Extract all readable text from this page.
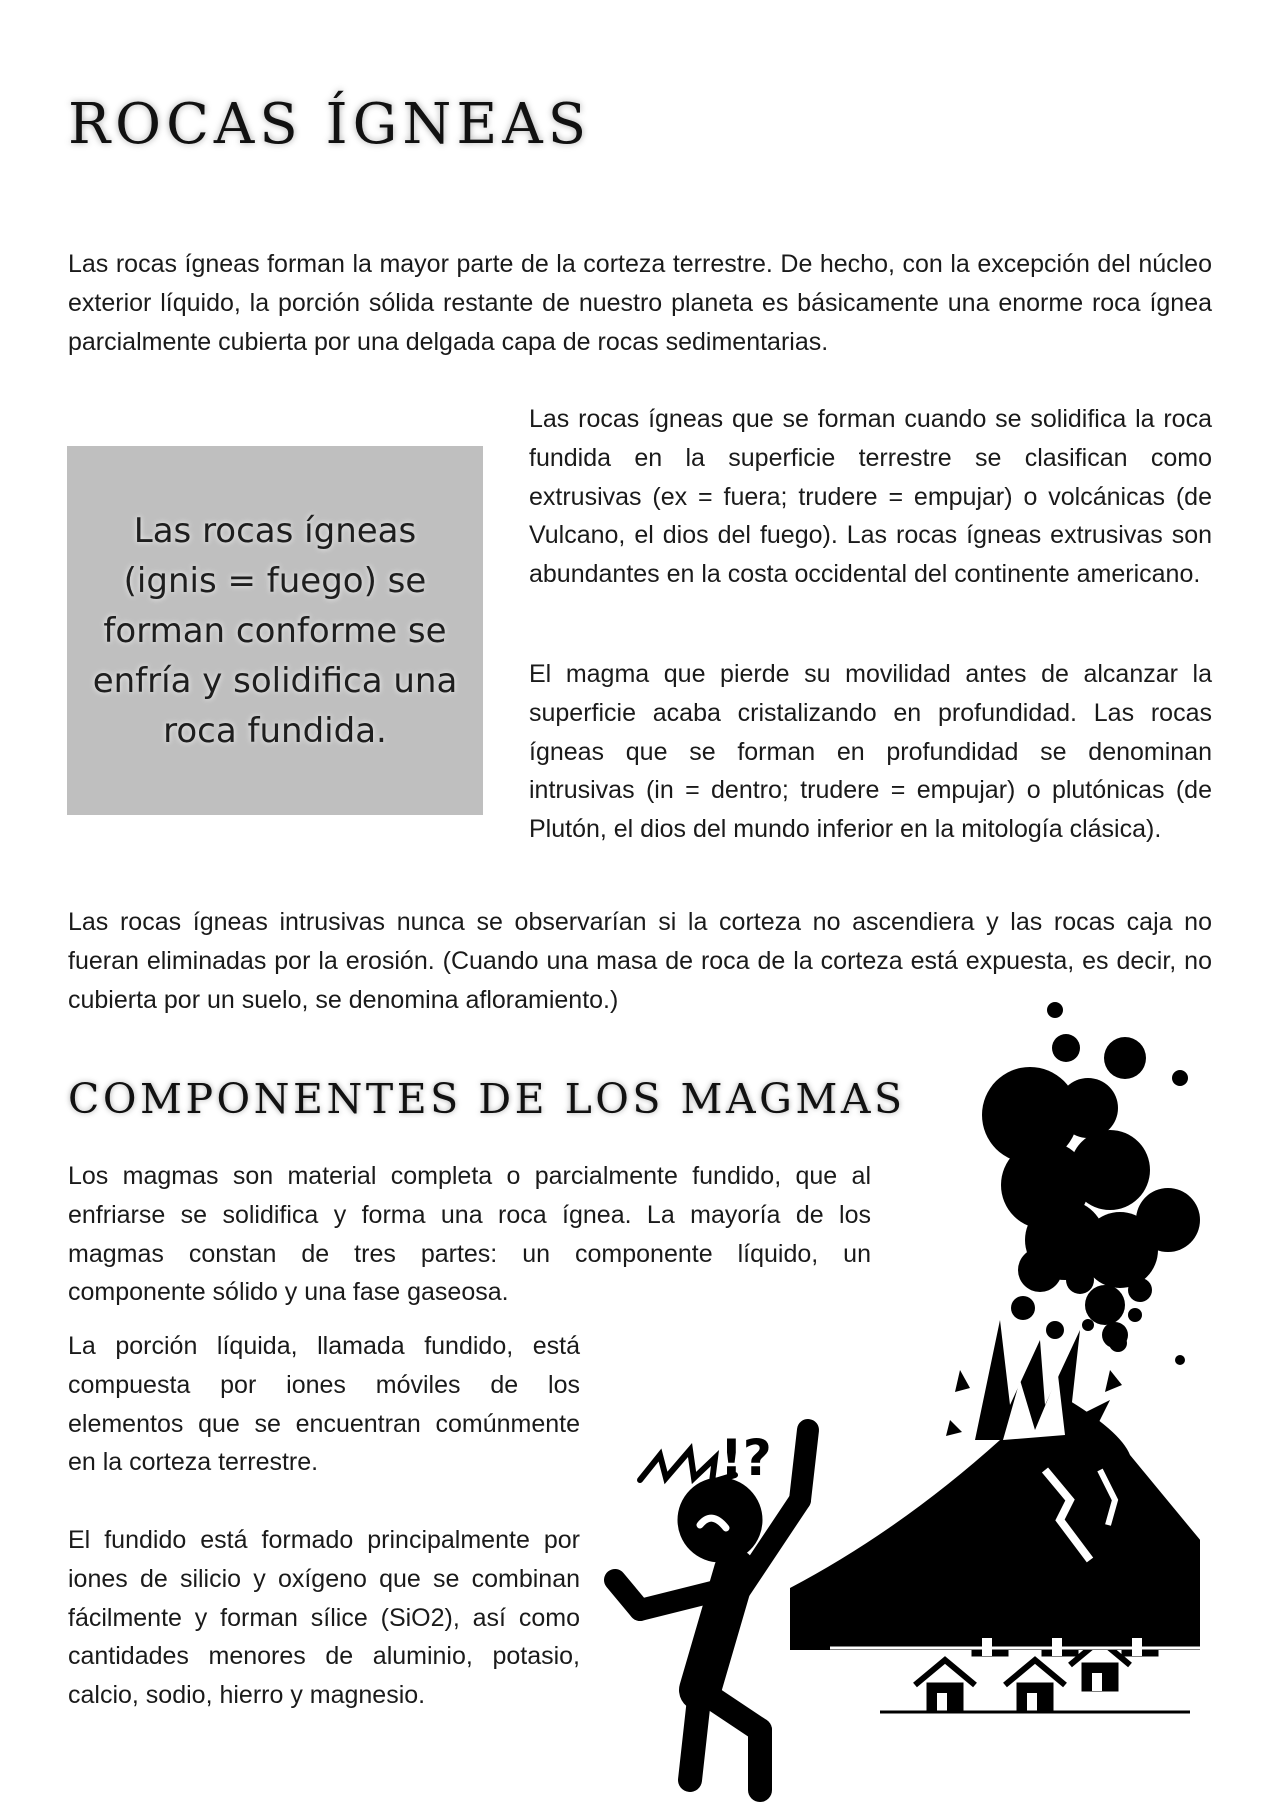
ROCAS ÍGNEAS

Las rocas ígneas forman la mayor parte de la corteza terrestre. De hecho, con la excepción del núcleo exterior líquido, la porción sólida restante de nuestro planeta es básicamente una enorme roca ígnea parcialmente cubierta por una delgada capa de rocas sedimentarias.

Las rocas ígneas (ignis = fuego) se forman conforme se enfría y solidifica una roca fundida.

Las rocas ígneas que se forman cuando se solidifica la roca fundida en la superficie terrestre se clasifican como extrusivas (ex = fuera; trudere = empujar) o volcánicas (de Vulcano, el dios del fuego). Las rocas ígneas extrusivas son abundantes en la costa occidental del continente americano.

El magma que pierde su movilidad antes de alcanzar la superficie acaba cristalizando en profundidad. Las rocas ígneas que se forman en profundidad se denominan intrusivas (in = dentro; trudere = empujar) o plutónicas (de Plutón, el dios del mundo inferior en la mitología clásica).

Las rocas ígneas intrusivas nunca se observarían si la corteza no ascendiera y las rocas caja no fueran eliminadas por la erosión. (Cuando una masa de roca de la corteza está expuesta, es decir, no cubierta por un suelo, se denomina afloramiento.)

COMPONENTES DE LOS MAGMAS

Los magmas son material completa o parcialmente fundido, que al enfriarse se solidifica y forma una roca ígnea. La mayoría de los magmas constan de tres partes: un componente líquido, un componente sólido y una fase gaseosa.

La porción líquida, llamada fundido, está compuesta por iones móviles de los elementos que se encuentran comúnmente en la corteza terrestre.

El fundido está formado principalmente por iones de silicio y oxígeno que se combinan fácilmente y forman sílice (SiO2), así como cantidades menores de aluminio, potasio, calcio, sodio, hierro y magnesio.

!?
